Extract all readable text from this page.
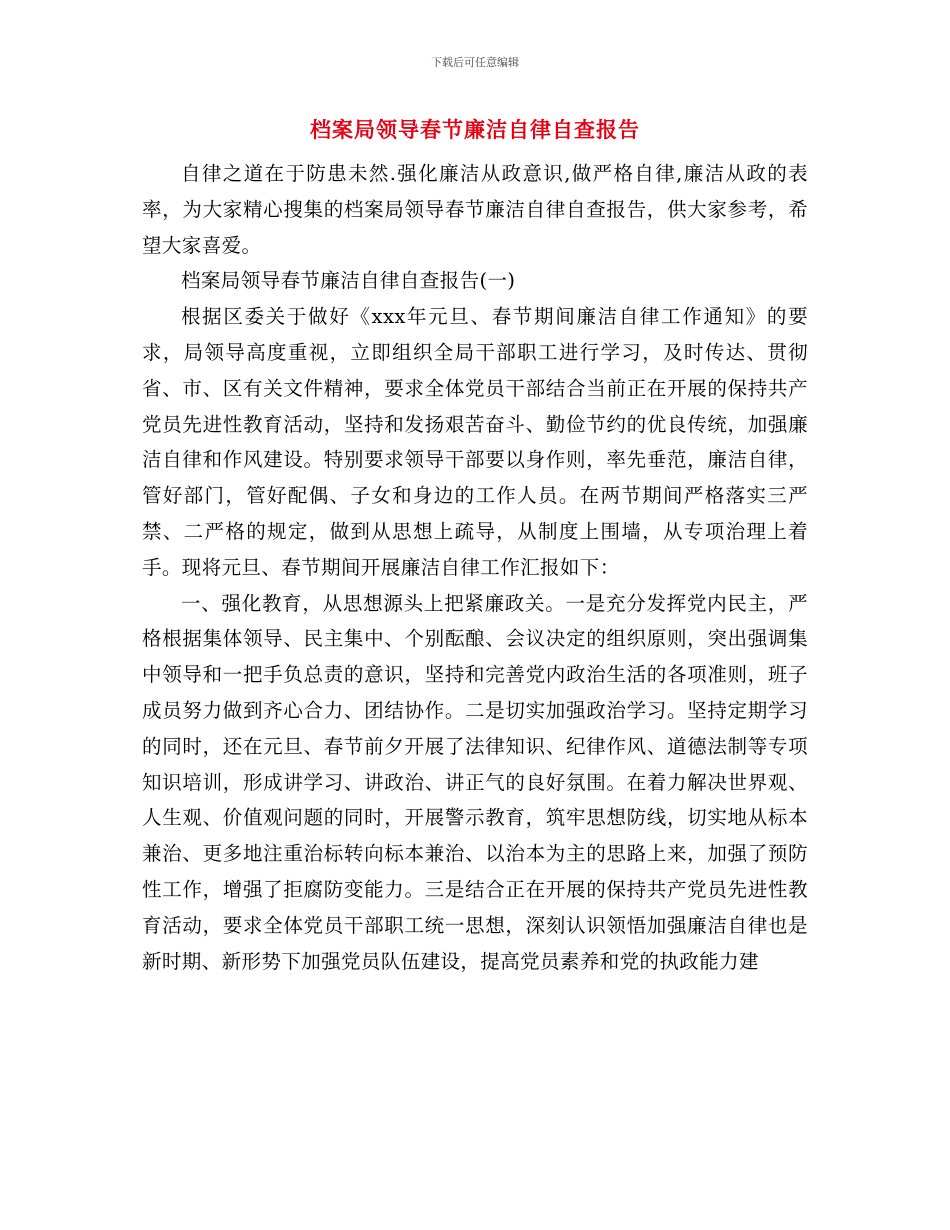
下载后可任意编辑
档案局领导春节廉洁自律自查报告

自律之道在于防患未然.强化廉洁从政意识,做严格自律,廉洁从政的表率，为大家精心搜集的档案局领导春节廉洁自律自查报告，供大家参考，希望大家喜爱。

档案局领导春节廉洁自律自查报告(一)

根据区委关于做好《xxx年元旦、春节期间廉洁自律工作通知》的要求，局领导高度重视，立即组织全局干部职工进行学习，及时传达、贯彻省、市、区有关文件精神，要求全体党员干部结合当前正在开展的保持共产党员先进性教育活动，坚持和发扬艰苦奋斗、勤俭节约的优良传统，加强廉洁自律和作风建设。特别要求领导干部要以身作则，率先垂范，廉洁自律，管好部门，管好配偶、子女和身边的工作人员。在两节期间严格落实三严禁、二严格的规定，做到从思想上疏导，从制度上围墙，从专项治理上着手。现将元旦、春节期间开展廉洁自律工作汇报如下：

一、强化教育，从思想源头上把紧廉政关。一是充分发挥党内民主，严格根据集体领导、民主集中、个别酝酿、会议决定的组织原则，突出强调集中领导和一把手负总责的意识，坚持和完善党内政治生活的各项准则，班子成员努力做到齐心合力、团结协作。二是切实加强政治学习。坚持定期学习的同时，还在元旦、春节前夕开展了法律知识、纪律作风、道德法制等专项知识培训，形成讲学习、讲政治、讲正气的良好氛围。在着力解决世界观、人生观、价值观问题的同时，开展警示教育，筑牢思想防线，切实地从标本兼治、更多地注重治标转向标本兼治、以治本为主的思路上来，加强了预防性工作，增强了拒腐防变能力。三是结合正在开展的保持共产党员先进性教育活动，要求全体党员干部职工统一思想，深刻认识领悟加强廉洁自律也是新时期、新形势下加强党员队伍建设，提高党员素养和党的执政能力建
